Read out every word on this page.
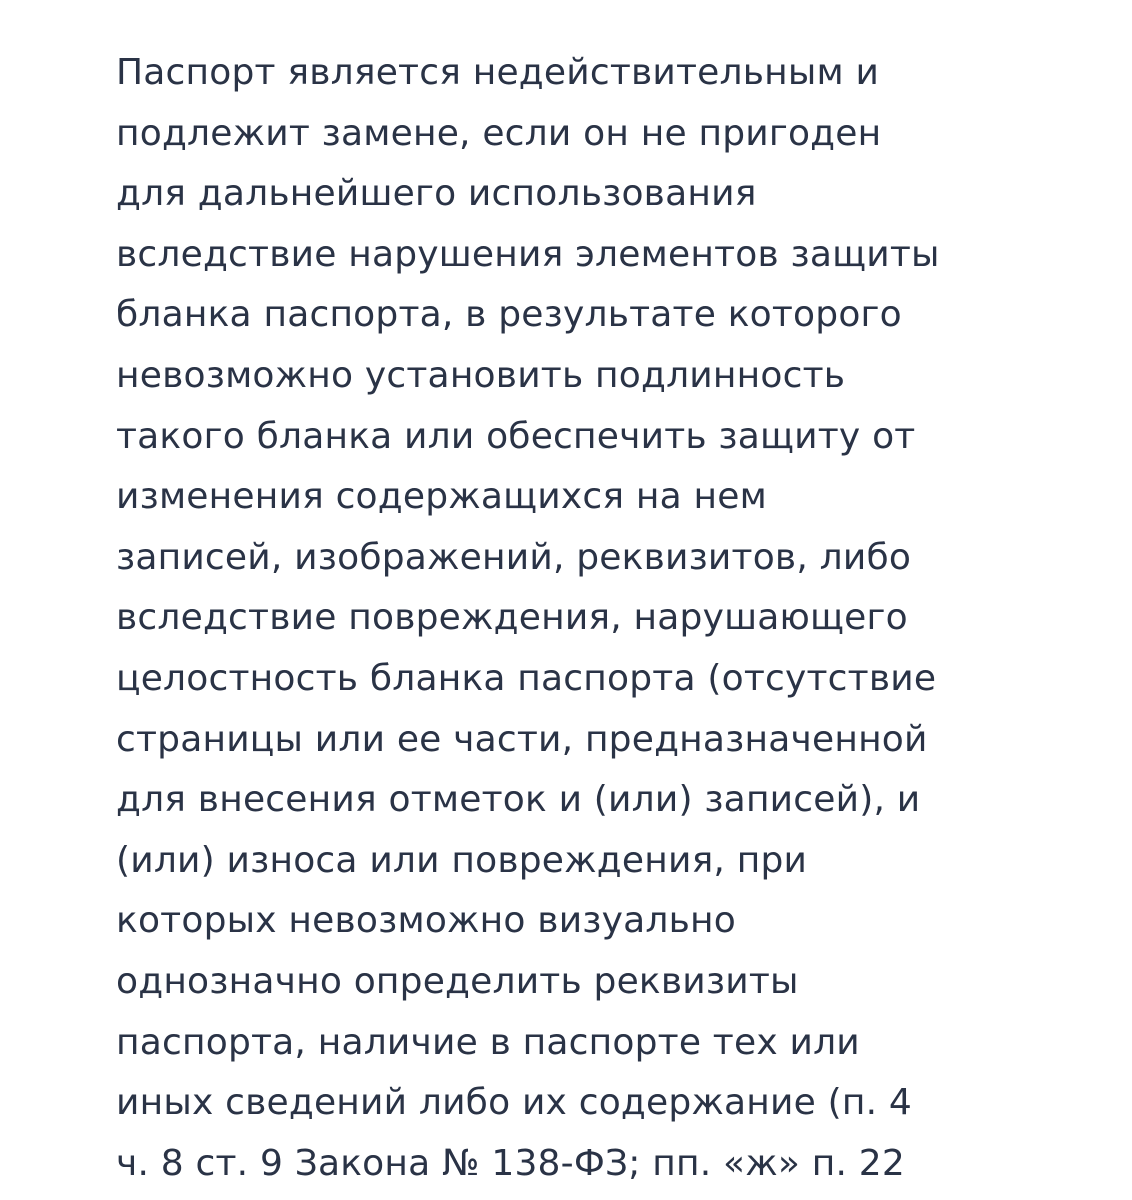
Паспорт является недействительным и
подлежит замене, если он не пригоден
для дальнейшего использования
вследствие нарушения элементов защиты
бланка паспорта, в результате которого
невозможно установить подлинность
такого бланка или обеспечить защиту от
изменения содержащихся на нем
записей, изображений, реквизитов, либо
вследствие повреждения, нарушающего
целостность бланка паспорта (отсутствие
страницы или ее части, предназначенной
для внесения отметок и (или) записей), и
(или) износа или повреждения, при
которых невозможно визуально
однозначно определить реквизиты
паспорта, наличие в паспорте тех или
иных сведений либо их содержание (п. 4
ч. 8 ст. 9 Закона № 138-ФЗ; пп. «ж» п. 22
